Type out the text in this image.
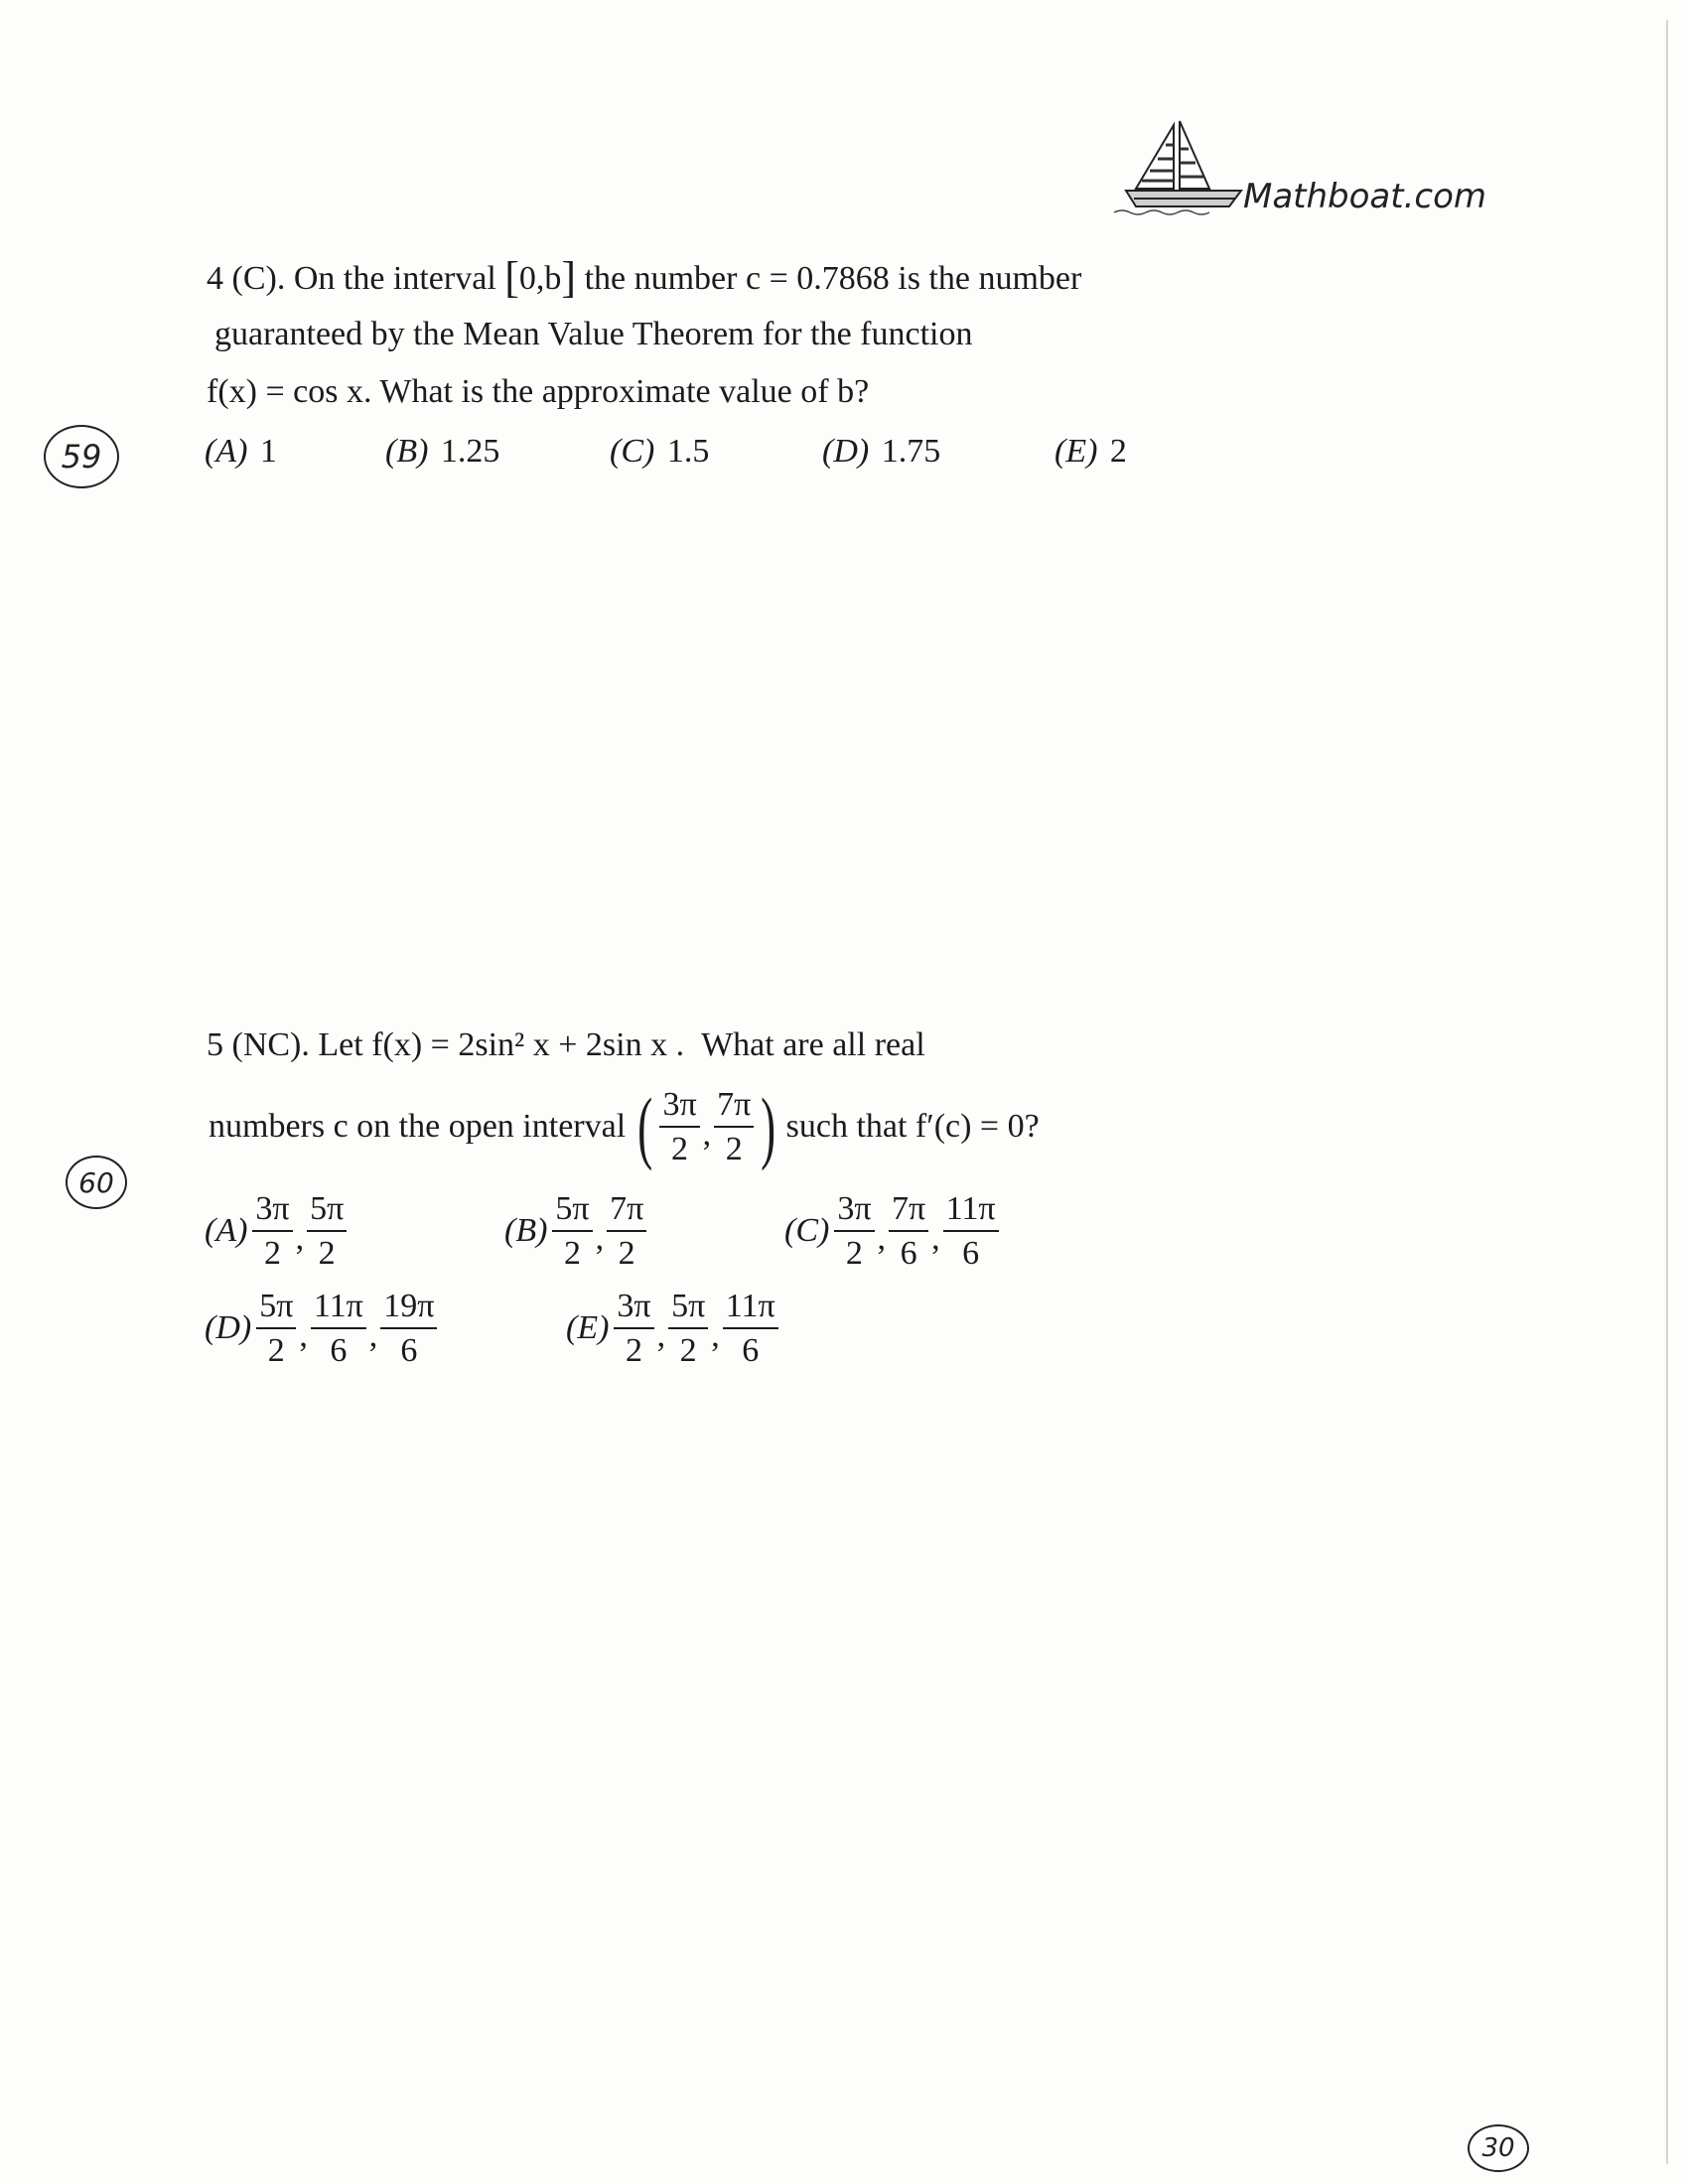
Mathboat.com
4 (C). On the interval [0,b] the number c = 0.7868 is the number
guaranteed by the Mean Value Theorem for the function
f(x) = cos x. What is the approximate value of b?
59	(A) 1	(B) 1.25	(C) 1.5	(D) 1.75	(E) 2
5 (NC). Let f(x) = 2sin² x + 2sin x . What are all real
numbers c on the open interval ( $\frac{3\pi}{2}$ , $\frac{7\pi}{2}$ ) such that f′(c) = 0?
60
$(A) \frac{3\pi}{2}$ , $\frac{5\pi}{2}$	$(B) \frac{5\pi}{2}$ , $\frac{7\pi}{2}$	$(C) \frac{3\pi}{2}$ , $\frac{7\pi}{6}$ , $\frac{11\pi}{6}$
$(D) \frac{5\pi}{2}$ , $\frac{11\pi}{6}$ , $\frac{19\pi}{6}$	$(E) \frac{3\pi}{2}$ , $\frac{5\pi}{2}$ , $\frac{11\pi}{6}$
30
